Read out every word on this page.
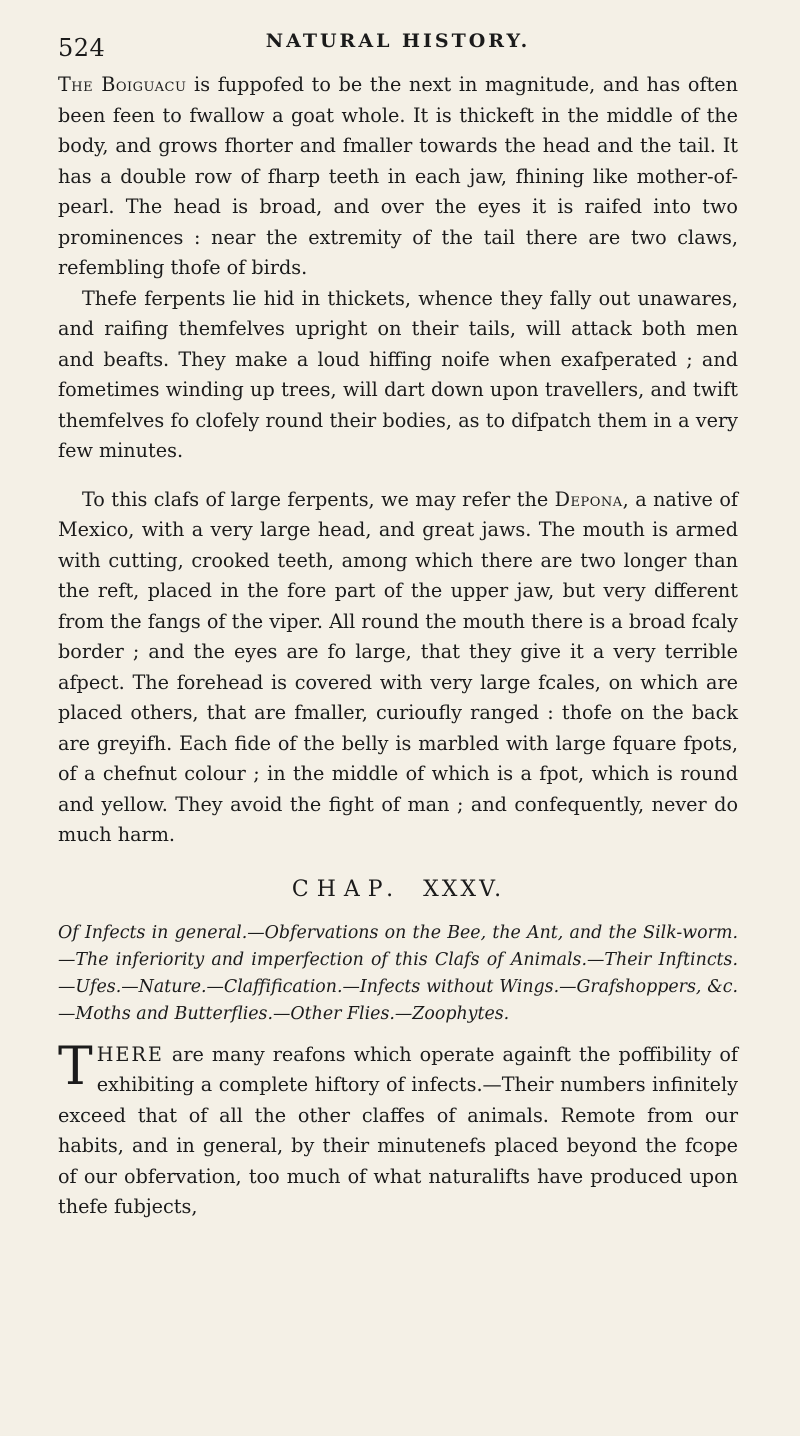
524	NATURAL HISTORY.

The Boiguacu is fuppofed to be the next in magnitude, and has often been feen to fwallow a goat whole. It is thickeft in the middle of the body, and grows fhorter and fmaller towards the head and the tail. It has a double row of fharp teeth in each jaw, fhining like mother-of-pearl. The head is broad, and over the eyes it is raifed into two prominences : near the extremity of the tail there are two claws, refembling thofe of birds.

Thefe ferpents lie hid in thickets, whence they fally out unawares, and raifing themfelves upright on their tails, will attack both men and beafts. They make a loud hiffing noife when exafperated ; and fometimes winding up trees, will dart down upon travellers, and twift themfelves fo clofely round their bodies, as to difpatch them in a very few minutes.

To this clafs of large ferpents, we may refer the Depona, a native of Mexico, with a very large head, and great jaws. The mouth is armed with cutting, crooked teeth, among which there are two longer than the reft, placed in the fore part of the upper jaw, but very different from the fangs of the viper. All round the mouth there is a broad fcaly border ; and the eyes are fo large, that they give it a very terrible afpect. The forehead is covered with very large fcales, on which are placed others, that are fmaller, curioufly ranged : thofe on the back are greyifh. Each fide of the belly is marbled with large fquare fpots, of a chefnut colour ; in the middle of which is a fpot, which is round and yellow. They avoid the fight of man ; and confequently, never do much harm.

CHAP. XXXV.

Of Infects in general.—Obfervations on the Bee, the Ant, and the Silk-worm.—The inferiority and imperfection of this Clafs of Animals.—Their Inftincts.—Ufes.—Nature.—Claffification.—Infects without Wings.—Grafshoppers, &c.—Moths and Butterflies.—Other Flies.—Zoophytes.

THERE are many reafons which operate againft the poffibility of exhibiting a complete hiftory of infects.—Their numbers infinitely exceed that of all the other claffes of animals. Remote from our habits, and in general, by their minutenefs placed beyond the fcope of our obfervation, too much of what naturalifts have produced upon thefe fubjects,
